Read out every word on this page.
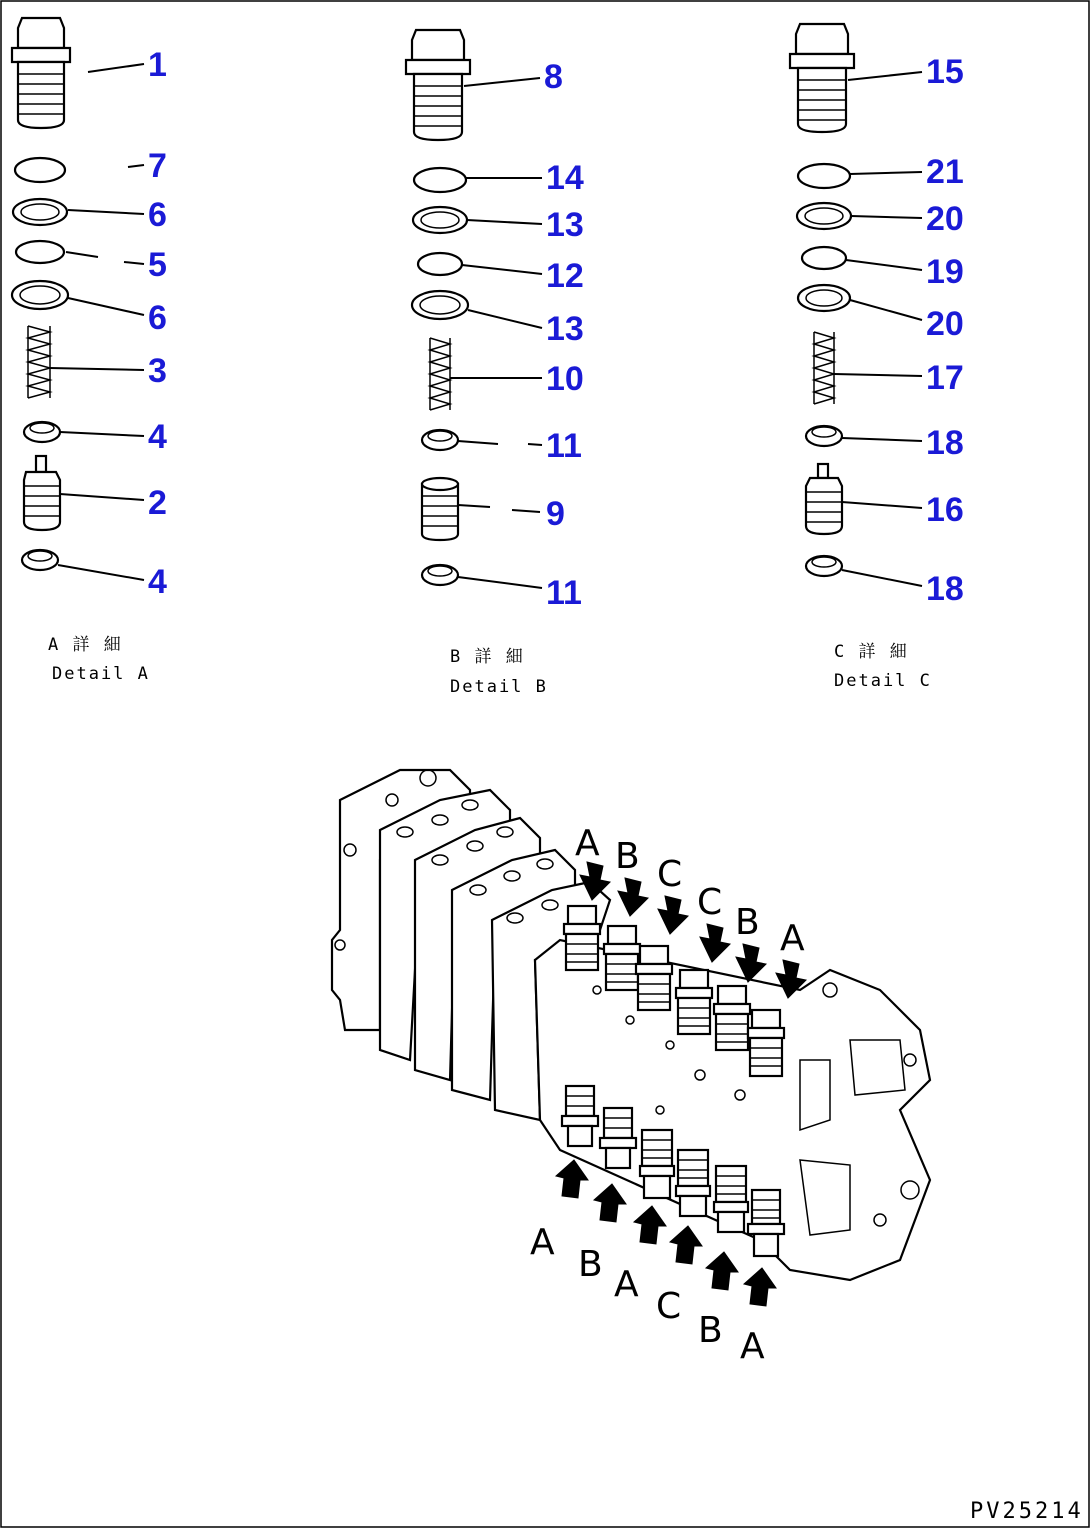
1
7
6
5
6
3
4
2
4
A 詳 細
Detail A
8
14
13
12
13
10
11
9
11
B 詳 細
Detail B
15
21
20
19
20
17
18
16
18
C 詳 細
Detail C
A B C
C B A
A
B A
C
B A
PV25214
